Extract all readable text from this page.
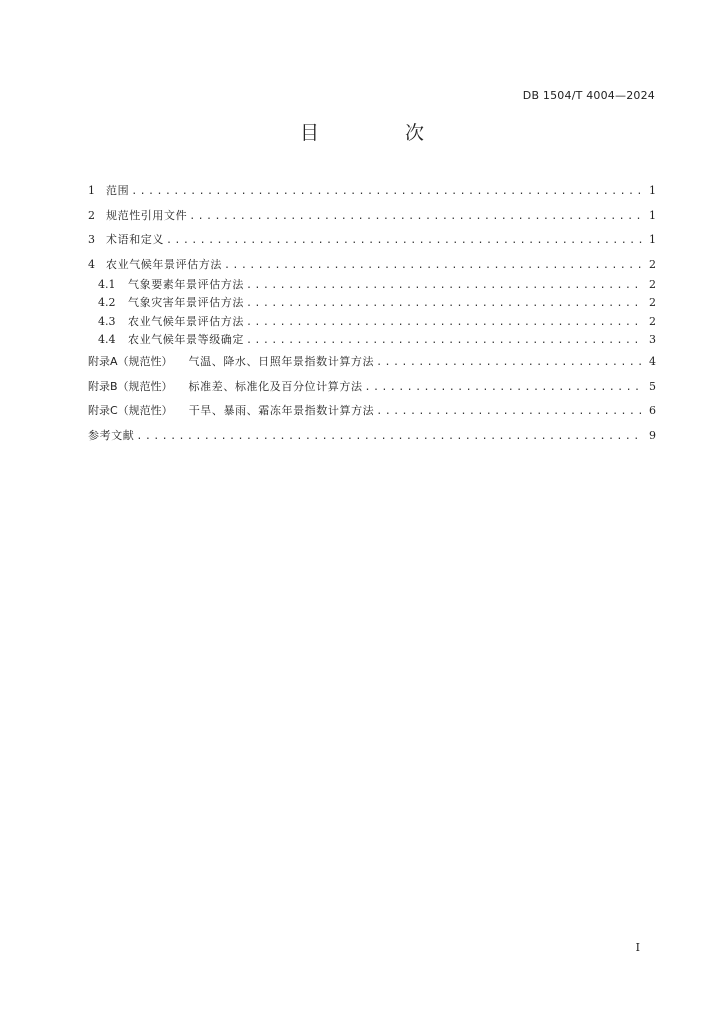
DB 1504/T 4004—2024
目 次
1	范围 .....	1
2	规范性引用文件 .....	1
3	术语和定义 .....	1
4	农业气候年景评估方法 .....	2
4.1	气象要素年景评估方法 .....	2
4.2	气象灾害年景评估方法 .....	2
4.3	农业气候年景评估方法 .....	2
4.4	农业气候年景等级确定 .....	3
附录A（规范性） 气温、降水、日照年景指数计算方法 .....	4
附录B（规范性） 标准差、标准化及百分位计算方法 .....	5
附录C（规范性） 干旱、暴雨、霜冻年景指数计算方法 .....	6
参考文献 .....	9
I
